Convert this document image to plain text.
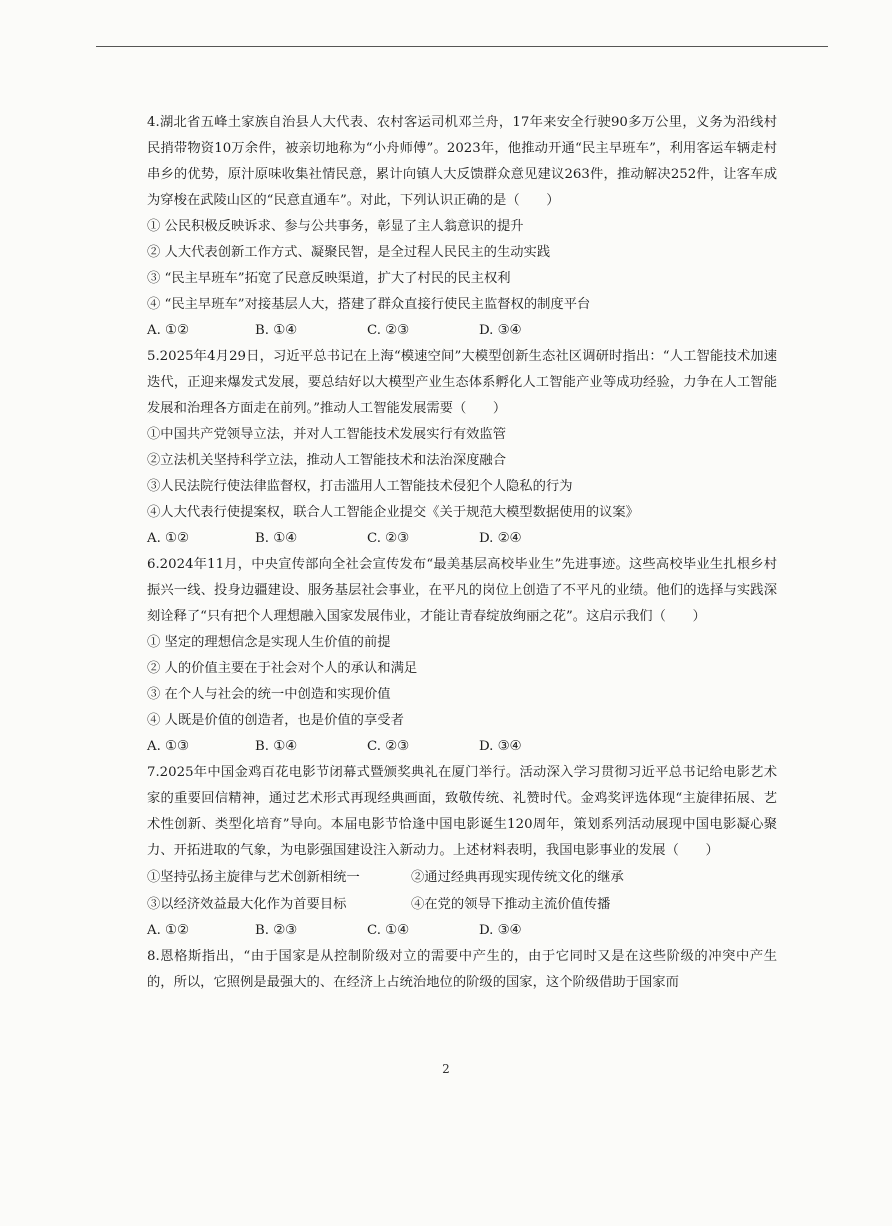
4.湖北省五峰土家族自治县人大代表、农村客运司机邓兰舟，17年来安全行驶90多万公里，义务为沿线村民捎带物资10万余件，被亲切地称为“小舟师傅”。2023年，他推动开通“民主早班车”，利用客运车辆走村串乡的优势，原汁原味收集社情民意，累计向镇人大反馈群众意见建议263件，推动解决252件，让客车成为穿梭在武陵山区的“民意直通车”。对此，下列认识正确的是（　　）

① 公民积极反映诉求、参与公共事务，彰显了主人翁意识的提升

② 人大代表创新工作方式、凝聚民智，是全过程人民民主的生动实践

③ “民主早班车”拓宽了民意反映渠道，扩大了村民的民主权利

④ “民主早班车”对接基层人大，搭建了群众直接行使民主监督权的制度平台

A. ①②	B. ①④	C. ②③	D. ③④

5.2025年4月29日，习近平总书记在上海“模速空间”大模型创新生态社区调研时指出：“人工智能技术加速迭代，正迎来爆发式发展，要总结好以大模型产业生态体系孵化人工智能产业等成功经验，力争在人工智能发展和治理各方面走在前列。”推动人工智能发展需要（　　）

①中国共产党领导立法，并对人工智能技术发展实行有效监管

②立法机关坚持科学立法，推动人工智能技术和法治深度融合

③人民法院行使法律监督权，打击滥用人工智能技术侵犯个人隐私的行为

④人大代表行使提案权，联合人工智能企业提交《关于规范大模型数据使用的议案》

A. ①②	B. ①④	C. ②③	D. ②④

6.2024年11月，中央宣传部向全社会宣传发布“最美基层高校毕业生”先进事迹。这些高校毕业生扎根乡村振兴一线、投身边疆建设、服务基层社会事业，在平凡的岗位上创造了不平凡的业绩。他们的选择与实践深刻诠释了“只有把个人理想融入国家发展伟业，才能让青春绽放绚丽之花”。这启示我们（　　）

① 坚定的理想信念是实现人生价值的前提

② 人的价值主要在于社会对个人的承认和满足

③ 在个人与社会的统一中创造和实现价值

④ 人既是价值的创造者，也是价值的享受者

A. ①③	B. ①④	C. ②③	D. ③④

7.2025年中国金鸡百花电影节闭幕式暨颁奖典礼在厦门举行。活动深入学习贯彻习近平总书记给电影艺术家的重要回信精神，通过艺术形式再现经典画面，致敬传统、礼赞时代。金鸡奖评选体现“主旋律拓展、艺术性创新、类型化培育”导向。本届电影节恰逢中国电影诞生120周年，策划系列活动展现中国电影凝心聚力、开拓进取的气象，为电影强国建设注入新动力。上述材料表明，我国电影事业的发展（　　）

①坚持弘扬主旋律与艺术创新相统一	②通过经典再现实现传统文化的继承
③以经济效益最大化作为首要目标	④在党的领导下推动主流价值传播
A. ①②	B. ②③	C. ①④	D. ③④

8.恩格斯指出，“由于国家是从控制阶级对立的需要中产生的，由于它同时又是在这些阶级的冲突中产生的，所以，它照例是最强大的、在经济上占统治地位的阶级的国家，这个阶级借助于国家而

2
